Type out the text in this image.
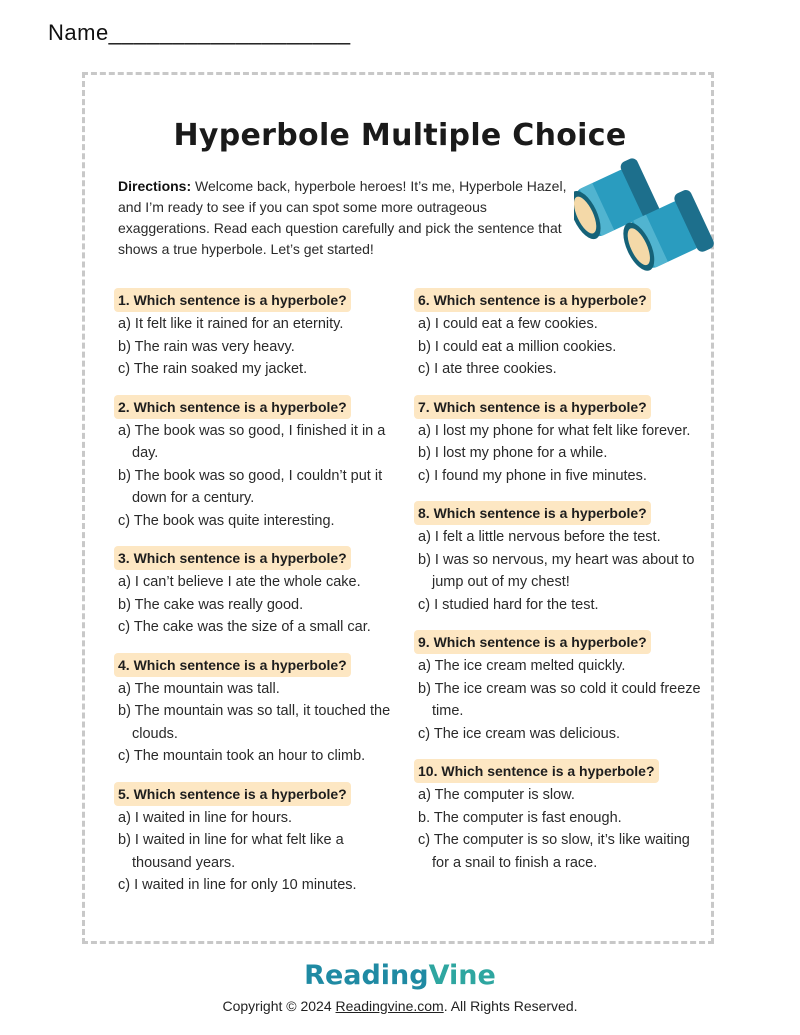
Name___________________
Hyperbole Multiple Choice
Directions: Welcome back, hyperbole heroes! It’s me, Hyperbole Hazel, and I’m ready to see if you can spot some more outrageous exaggerations. Read each question carefully and pick the sentence that shows a true hyperbole. Let’s get started!
1. Which sentence is a hyperbole?
a) It felt like it rained for an eternity.
b) The rain was very heavy.
c) The rain soaked my jacket.
2. Which sentence is a hyperbole?
a) The book was so good, I finished it in a day.
b) The book was so good, I couldn’t put it down for a century.
c) The book was quite interesting.
3. Which sentence is a hyperbole?
a) I can’t believe I ate the whole cake.
b) The cake was really good.
c) The cake was the size of a small car.
4. Which sentence is a hyperbole?
a) The mountain was tall.
b) The mountain was so tall, it touched the clouds.
c) The mountain took an hour to climb.
5. Which sentence is a hyperbole?
a) I waited in line for hours.
b) I waited in line for what felt like a thousand years.
c) I waited in line for only 10 minutes.
6. Which sentence is a hyperbole?
a) I could eat a few cookies.
b) I could eat a million cookies.
c) I ate three cookies.
7. Which sentence is a hyperbole?
a) I lost my phone for what felt like forever.
b) I lost my phone for a while.
c) I found my phone in five minutes.
8. Which sentence is a hyperbole?
a) I felt a little nervous before the test.
b) I was so nervous, my heart was about to jump out of my chest!
c) I studied hard for the test.
9. Which sentence is a hyperbole?
a) The ice cream melted quickly.
b) The ice cream was so cold it could freeze time.
c) The ice cream was delicious.
10. Which sentence is a hyperbole?
a) The computer is slow.
b. The computer is fast enough.
c) The computer is so slow, it’s like waiting for a snail to finish a race.
ReadingVine
Copyright © 2024 Readingvine.com. All Rights Reserved.
